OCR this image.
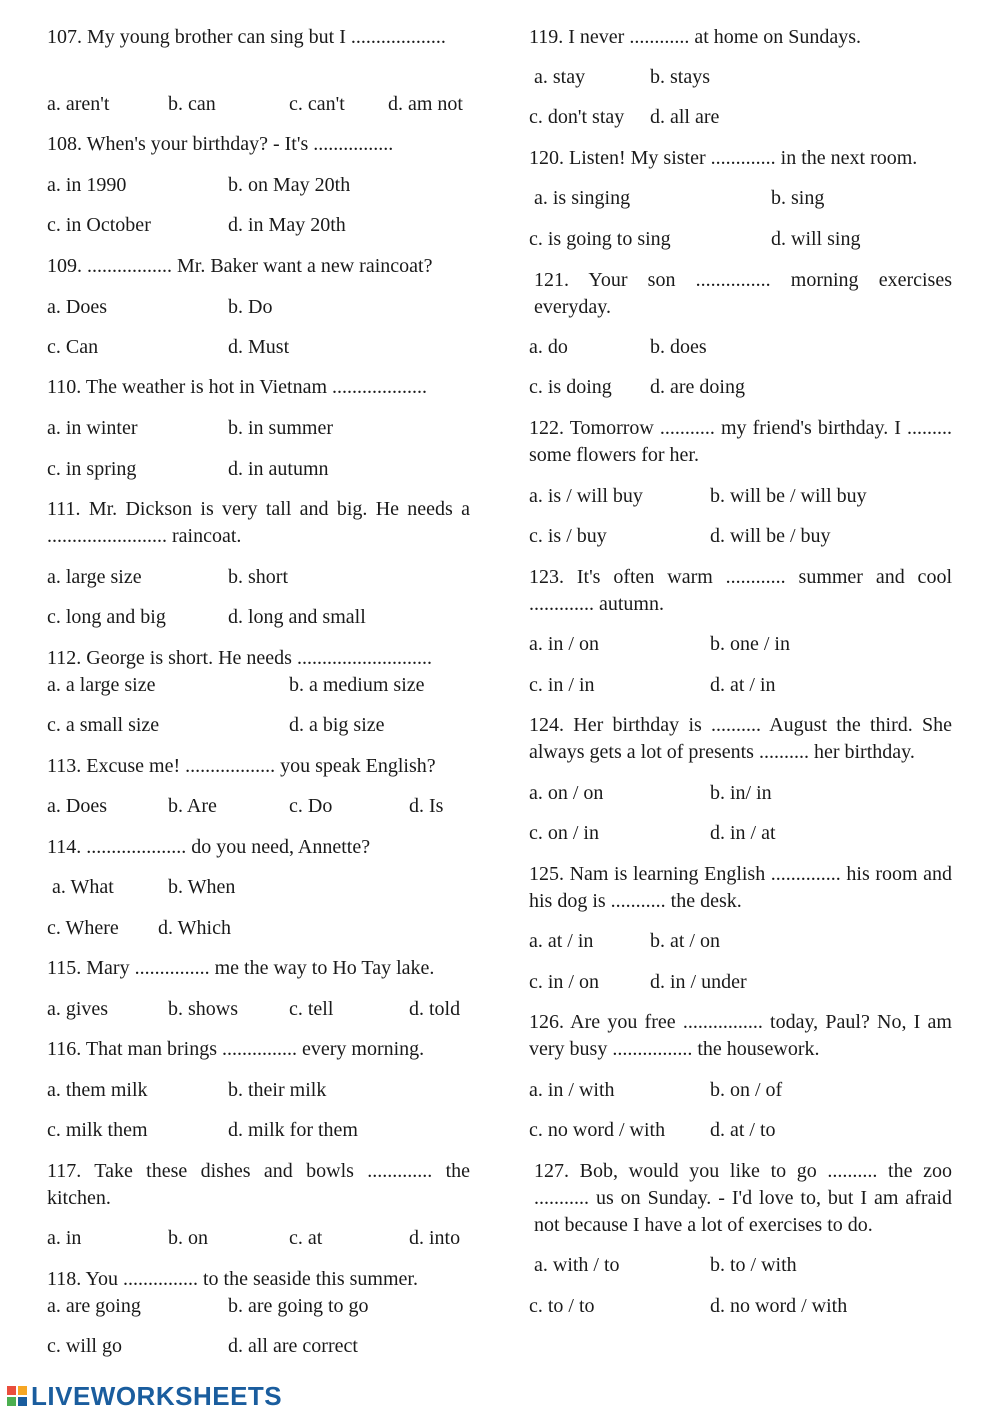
107. My young brother can sing but I ...................
a. aren't	b. can	c. can't d. am not
108. When's your birthday? - It's ................
a. in 1990	b. on May 20th
c. in October	d. in May 20th
109. ................. Mr. Baker want a new raincoat?
a. Does	b. Do
c. Can	d. Must
110. The weather is hot in Vietnam ...................
a. in winter	b. in summer
c. in spring	d. in autumn
111. Mr. Dickson is very tall and big. He needs a ........................ raincoat.
a. large size	b. short
c. long and big	d. long and small
112. George is short. He needs ...........................
a. a large size	b. a medium size
c. a small size	d. a big size
113. Excuse me! .................. you speak English?
a. Does	b. Are	c. Do	d. Is
114. .................... do you need, Annette?
a. What	b. When
c. Where d. Which
115. Mary ............... me the way to Ho Tay lake.
a. gives	b. shows	c. tell	d. told
116. That man brings ............... every morning.
a. them milk	b. their milk
c. milk them	d. milk for them
117. Take these dishes and bowls ............. the kitchen.
a. in	b. on	c. at	d. into
118. You ............... to the seaside this summer.
a. are going	b. are going to go
c. will go	d. all are correct
119. I never ............ at home on Sundays.
a. stay	b. stays
c. don't stay d. all are
120. Listen! My sister ............. in the next room.
a. is singing	b. sing
c. is going to sing	d. will sing
121. Your son ............... morning exercises everyday.
a. do	b. does
c. is doing d. are doing
122. Tomorrow ........... my friend's birthday. I ......... some flowers for her.
a. is / will buy	b. will be / will buy
c. is / buy	d. will be / buy
123. It's often warm ............ summer and cool ............. autumn.
a. in / on	b. one / in
c. in / in	d. at / in
124. Her birthday is .......... August the third. She always gets a lot of presents .......... her birthday.
a. on / on	b. in/ in
c. on / in	d. in / at
125. Nam is learning English .............. his room and his dog is ........... the desk.
a. at / in	b. at / on
c. in / on	d. in / under
126. Are you free ................ today, Paul? No, I am very busy ................ the housework.
a. in / with	b. on / of
c. no word / with d. at / to
127. Bob, would you like to go .......... the zoo ........... us on Sunday. - I'd love to, but I am afraid not because I have a lot of exercises to do.
a. with / to	b. to / with
c. to / to	d. no word / with
LIVEWORKSHEETS
